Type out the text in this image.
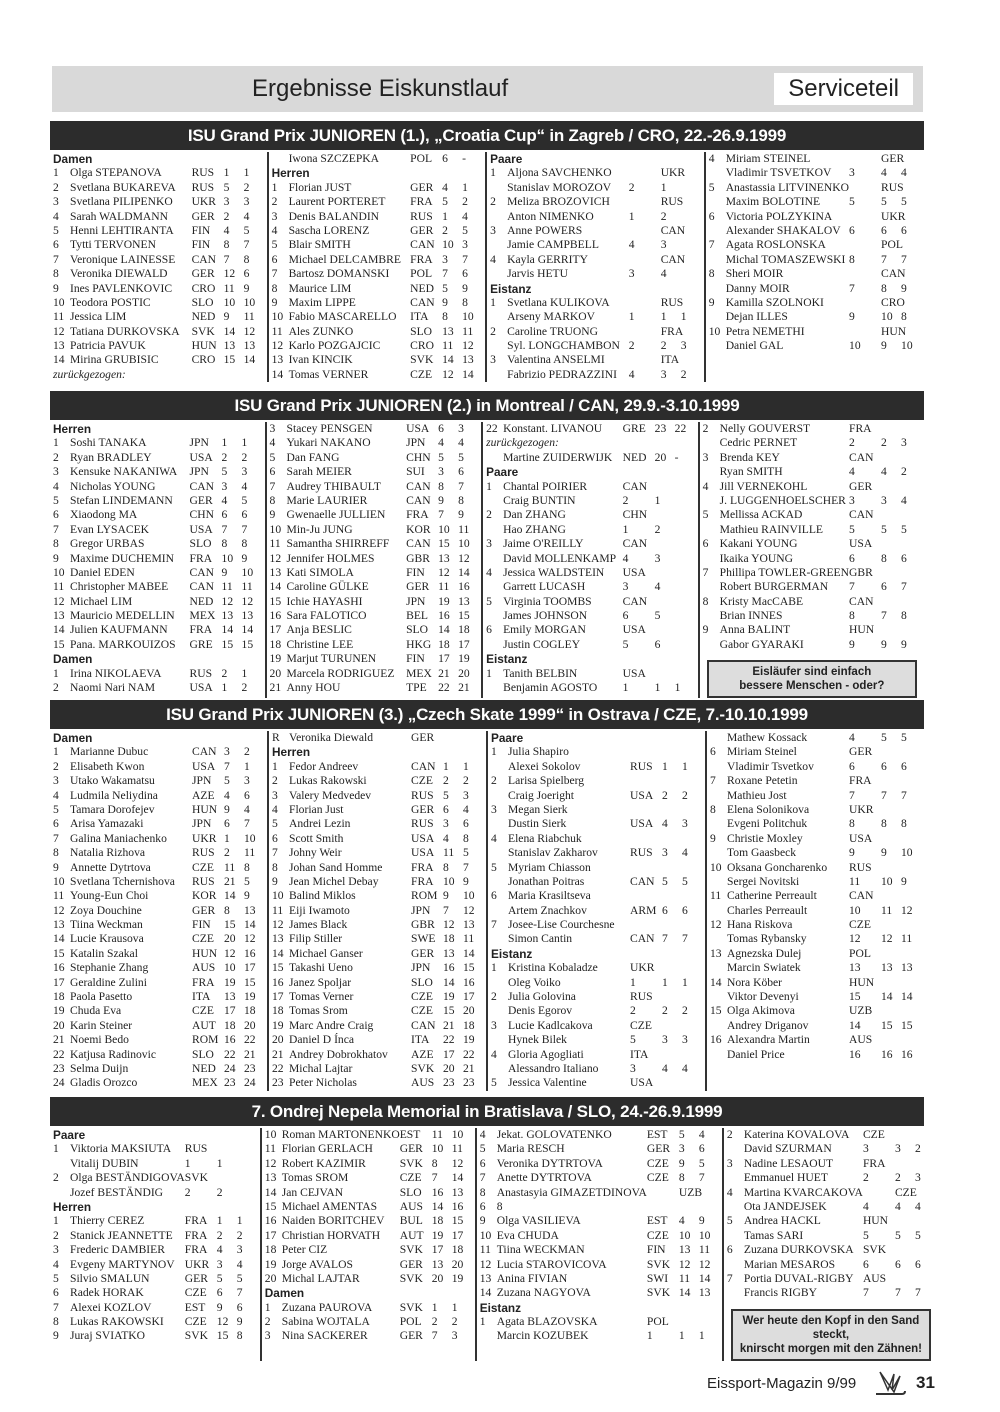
Ergebnisse Eiskunstlauf	Serviceteil
ISU Grand Prix JUNIOREN (1.), „Croatia Cup“ in Zagreb / CRO, 22.-26.9.1999
Damen
1 Olga STEPANOVA	RUS 1	1
2 Svetlana BUKAREVA	RUS 5	2
3 Svetlana PILIPENKO	UKR 3	3
4 Sarah WALDMANN	GER 2	4
5 Henni LEHTIRANTA	FIN	4	5
6 Tytti TERVONEN	FIN	8	7
7 Veronique LAINESSE	CAN 7	8
8 Veronika DIEWALD	GER 12 6
9 Ines PAVLENKOVIC	CRO 11 9
10 Teodora POSTIC	SLO 10 10
11 Jessica LIM	NED 9	11
12 Tatiana DURKOVSKA	SVK 14 12
13 Patricia PAVUK	HUN 13 13
14 Mirina GRUBISIC	CRO 15 14
zurückgezogen:
Iwona SZCZEPKA	POL 6	-
Herren
1 Florian JUST	GER 4	1
2 Laurent PORTERET	FRA 5	2
3 Denis BALANDIN	RUS 1	4
4 Sascha LORENZ	GER 2	5
5 Blair SMITH	CAN 10 3
6 Michael DELCAMBRE FRA 3	7
7 Bartosz DOMANSKI	POL 7	6
8 Maurice LIM	NED 5	9
9 Maxim LIPPE	CAN 9	8
10 Fabio MASCARELLO	ITA	8	10
11 Ales ZUNKO	SLO 13 11
12 Karlo POZGAJCIC	CRO 11 12
13 Ivan KINCIK	SVK 14 13
14 Tomas VERNER	CZE 12 14
Paare
1 Aljona SAVCHENKO	UKR
Stanislav MOROZOV	2	1
2 Meliza BROZOVICH	RUS
Anton NIMENKO	1	2
3 Anne POWERS	CAN
Jamie CAMPBELL	4	3
4 Kayla GERRITY	CAN
Jarvis HETU	3	4
Eistanz
1 Svetlana KULIKOVA	RUS
Arseny MARKOV	1	1	1
2 Caroline TRUONG	FRA
Syl. LONGCHAMBON 2	2	3
3 Valentina ANSELMI	ITA
Fabrizio PEDRAZZINI	4	3	2
4 Miriam STEINEL	GER
Vladimir TSVETKOV	3	4	4
5 Anastassia LITVINENKO	RUS
Maxim BOLOTINE	5	5	5
6 Victoria POLZYKINA	UKR
Alexander SHAKALOV 6	6	6
7 Agata ROSLONSKA	POL
Michal TOMASZEWSKI 8	7	7
8 Sheri MOIR	CAN
Danny MOIR	7	8	9
9 Kamilla SZOLNOKI	CRO
Dejan ILLES	9	10 8
10 Petra NEMETHI	HUN
Daniel GAL	10	9	10
ISU Grand Prix JUNIOREN (2.) in Montreal / CAN, 29.9.-3.10.1999
Herren
1 Soshi TANAKA	JPN	1	1
2 Ryan BRADLEY	USA 2	2
3 Kensuke NAKANIWA	JPN	5	3
4 Nicholas YOUNG	CAN 3	4
5 Stefan LINDEMANN	GER 4	5
6 Xiaodong MA	CHN 6	6
7 Evan LYSACEK	USA 7	7
8 Gregor URBAS	SLO 8	8
9 Maxime DUCHEMIN	FRA 10 9
10 Daniel EDEN	CAN 9	10
11 Christopher MABEE	CAN 11 11
12 Michael LIM	NED 12 12
13 Mauricio MEDELLIN	MEX 13 13
14 Julien KAUFMANN	FRA 14 14
15 Pana. MARKOUIZOS	GRE 15 15
Damen
1 Irina NIKOLAEVA	RUS 2	1
2 Naomi Nari NAM	USA 1	2
3 Stacey PENSGEN	USA 6	3
4 Yukari NAKANO	JPN	4	4
5 Dan FANG	CHN 5	5
6 Sarah MEIER	SUI	3	6
7 Audrey THIBAULT	CAN 8	7
8 Marie LAURIER	CAN 9	8
9 Gwenaelle JULLIEN	FRA 7	9
10 Min-Ju JUNG	KOR 10 11
11 Samantha SHIRREFF	CAN 15 10
12 Jennifer HOLMES	GBR 13 12
13 Kati SIMOLA	FIN	12 14
14 Caroline GÜLKE	GER 11 16
15 Ichie HAYASHI	JPN	19 13
16 Sara FALOTICO	BEL 16 15
17 Anja BESLIC	SLO 14 18
18 Christine LEE	HKG 18 17
19 Marjut TURUNEN	FIN	17 19
20 Marcela RODRIGUEZ	MEX 21 20
21 Anny HOU	TPE 22 21
22 Konstant. LIVANOU	GRE 23 22
zurückgezogen:
Martine ZUIDERWIJK NED 20 -
Paare
1 Chantal POIRIER	CAN
Craig BUNTIN	2	1
2 Dan ZHANG	CHN
Hao ZHANG	1	2
3 Jaime O'REILLY	CAN
David MOLLENKAMP 4	3
4 Jessica WALDSTEIN	USA
Garrett LUCASH	3	4
5 Virginia TOOMBS	CAN
James JOHNSON	6	5
6 Emily MORGAN	USA
Justin COGLEY	5	6
Eistanz
1 Tanith BELBIN	USA
Benjamin AGOSTO	1	1	1
2 Nelly GOUVERST	FRA
Cedric PERNET	2	2	3
3 Brenda KEY	CAN
Ryan SMITH	4	4	2
4 Jill VERNEKOHL	GER
J. LUGGENHOELSCHER 3	3	4
5 Mellissa ACKAD	CAN
Mathieu RAINVILLE	5	5	5
6 Kakani YOUNG	USA
Ikaika YOUNG	6	8	6
7 Phillipa TOWLER-GREEN GBR
Robert BURGERMAN	7	6	7
8 Kristy MacCABE	CAN
Brian INNES	8	7	8
9 Anna BALINT	HUN
Gabor GYARAKI	9	9	9
Eisläufer sind einfach
bessere Menschen - oder?
ISU Grand Prix JUNIOREN (3.) „Czech Skate 1999“ in Ostrava / CZE, 7.-10.10.1999
Damen
1 Marianne Dubuc	CAN 3	2
2 Elisabeth Kwon	USA 7	1
3 Utako Wakamatsu	JPN	5	3
4 Ludmila Neliydina	AZE 4	6
5 Tamara Dorofejev	HUN 9	4
6 Arisa Yamazaki	JPN	6	7
7 Galina Maniachenko	UKR 1	10
8 Natalia Rizhova	RUS 2	11
9 Annette Dytrtova	CZE 11 8
10 Svetlana Tchernishova	RUS 21 5
11 Young-Eun Choi	KOR 14 9
12 Zoya Douchine	GER 8	13
13 Tiina Weckman	FIN	15 14
14 Lucie Krausova	CZE 20 12
15 Katalin Szakal	HUN 12 16
16 Stephanie Zhang	AUS 10 17
17 Geraldine Zulini	FRA 19 15
18 Paola Pasetto	ITA	13 19
19 Chuda Eva	CZE 17 18
20 Karin Steiner	AUT 18 20
21 Noemi Bedo	ROM 16 22
22 Katjusa Radinovic	SLO 22 21
23 Selma Duijn	NED 24 23
24 Gladis Orozco	MEX 23 24
R Veronika Diewald	GER
Herren
1 Fedor Andreev	CAN 1	1
2 Lukas Rakowski	CZE 2	2
3 Valery Medvedev	RUS 5	3
4 Florian Just	GER 6	4
5 Andrei Lezin	RUS 3	6
6 Scott Smith	USA 4	8
7 Johny Weir	USA 11 5
8 Johan Sand Homme	FRA 8	7
9 Jean Michel Debay	FRA 10 9
10 Balind Miklos	ROM 9	10
11 Eiji Iwamoto	JPN	7	12
12 James Black	GBR 12 13
13 Filip Stiller	SWE 18 11
14 Michael Ganser	GER 13 14
15 Takashi Ueno	JPN	16 15
16 Janez Spoljar	SLO 14 16
17 Tomas Verner	CZE 19 17
18 Tomas Srom	CZE 15 20
19 Marc Andre Craig	CAN 21 18
20 Daniel D Ínca	ITA	22 19
21 Andrey Dobrokhatov	AZE 17 22
22 Michal Lajtar	SVK 20 21
23 Peter Nicholas	AUS 23 23
Paare
1 Julia Shapiro
Alexei Sokolov	RUS 1	1
2 Larisa Spielberg
Craig Joeright	USA 2	2
3 Megan Sierk
Dustin Sierk	USA 4	3
4 Elena Riabchuk
Stanislav Zakharov	RUS 3	4
5 Myriam Chiasson
Jonathan Poitras	CAN 5	5
6 Maria Krasiltseva
Artem Znachkov	ARM 6	6
7 Josee-Lise Courchesne
Simon Cantin	CAN 7	7
Eistanz
1 Kristina Kobaladze	UKR
Oleg Voiko	1	1	1
2 Julia Golovina	RUS
Denis Egorov	2	2	2
3 Lucie Kadlcakova	CZE
Hynek Bilek	5	3	3
4 Gloria Agogliati	ITA
Alessandro Italiano	3	4	4
5 Jessica Valentine	USA
Mathew Kossack	4	5	5
6 Miriam Steinel	GER
Vladimir Tsvetkov	6	6	6
7 Roxane Petetin	FRA
Mathieu Jost	7	7	7
8 Elena Solonikova	UKR
Evgeni Politchuk	8	8	8
9 Christie Moxley	USA
Tom Gaasbeck	9	9	10
10 Oksana Goncharenko	RUS
Sergei Novitski	11	10 9
11 Catherine Perreault	CAN
Charles Perreault	10	11 12
12 Hana Riskova	CZE
Tomas Rybansky	12	12 11
13 Agnezska Dulej	POL
Marcin Swiatek	13	13 13
14 Nora Köber	HUN
Viktor Devenyi	15	14 14
15 Olga Akimova	UZB
Andrey Driganov	14	15 15
16 Alexandra Martin	AUS
Daniel Price	16	16 16
7. Ondrej Nepela Memorial in Bratislava / SLO, 24.-26.9.1999
Paare
1 Viktoria MAKSIUTA	RUS
Vitalij DUBIN	1	1
2 Olga BESTÄNDIGOVA SVK
Jozef BESTÄNDIG	2	2
Herren
1 Thierry CEREZ	FRA 1	1
2 Stanick JEANNETTE	FRA 2	2
3 Frederic DAMBIER	FRA 4	3
4 Evgeny MARTYNOV UKR 3	4
5 Silvio SMALUN	GER 5	5
6 Radek HORAK	CZE 6	7
7 Alexei KOZLOV	EST 9	6
8 Lukas RAKOWSKI	CZE 12 9
9 Juraj SVIATKO	SVK 15 8
10 Roman MARTONENKO EST 11 10
11 Florian GERLACH	GER 10 11
12 Robert KAZIMIR	SVK 8	12
13 Tomas SROM	CZE 7	14
14 Jan CEJVAN	SLO 16 13
15 Michael AMENTAS	AUS 14 16
16 Naiden BORITCHEV	BUL 18 15
17 Christian HORVATH	AUT 19 17
18 Peter CIZ	SVK 17 18
19 Jorge AVALOS	GER 13 20
20 Michal LAJTAR	SVK 20 19
Damen
1 Zuzana PAUROVA	SVK 1	1
2 Sabina WOJTALA	POL 2	2
3 Nina SACKERER	GER 7	3
4 Jekat. GOLOVATENKO	EST 5	4
5 Maria RESCH	GER 3	6
6 Veronika DYTRTOVA	CZE 9	5
7 Anette DYTRTOVA	CZE 8	7
8 Anastasyia GIMAZETDINOVA	UZB
6 8
9 Olga VASILIEVA	EST 4	9
10 Eva CHUDA	CZE 10 10
11 Tiina WECKMAN	FIN	13 11
12 Lucia STAROVICOVA	SVK 12 12
13 Anina FIVIAN	SWI 11 14
14 Zuzana NAGYOVA	SVK 14 13
Eistanz
1 Agata BLAZOVSKA	POL
Marcin KOZUBEK	1	1	1
2 Katerina KOVALOVA	CZE
David SZURMAN	3	3	2
3 Nadine LESAOUT	FRA
Emmanuel HUET	2	2	3
4 Martina KVARCAKOVA	CZE
Ota JANDEJSEK	4	4	4
5 Andrea HACKL	HUN
Tamas SARI	5	5	5
6 Zuzana DURKOVSKA SVK
Marian MESAROS	6	6	6
7 Portia DUVAL-RIGBY AUS
Francis RIGBY	7	7	7
Wer heute den Kopf in den Sand steckt,
knirscht morgen mit den Zähnen!
Eissport-Magazin 9/99	31
